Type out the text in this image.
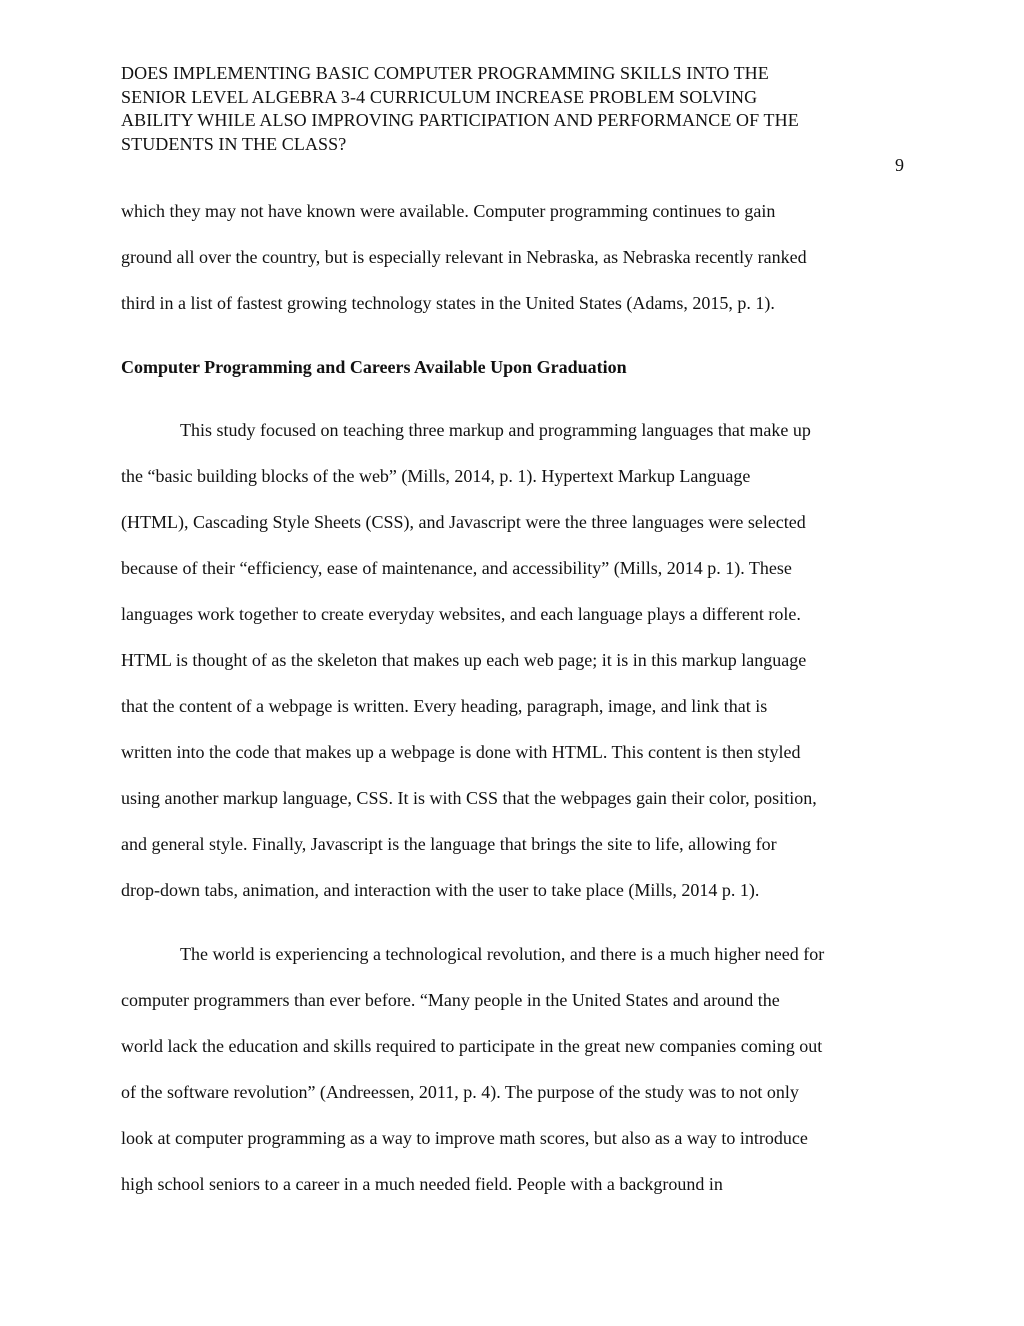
DOES IMPLEMENTING BASIC COMPUTER PROGRAMMING SKILLS INTO THE
SENIOR LEVEL ALGEBRA 3-4 CURRICULUM INCREASE PROBLEM SOLVING
ABILITY WHILE ALSO IMPROVING PARTICIPATION AND PERFORMANCE OF THE
STUDENTS IN THE CLASS?
9
which they may not have known were available. Computer programming continues to gain
ground all over the country, but is especially relevant in Nebraska, as Nebraska recently ranked
third in a list of fastest growing technology states in the United States (Adams, 2015, p. 1).
Computer Programming and Careers Available Upon Graduation
This study focused on teaching three markup and programming languages that make up
the “basic building blocks of the web” (Mills, 2014, p. 1). Hypertext Markup Language
(HTML), Cascading Style Sheets (CSS), and Javascript were the three languages were selected
because of their “efficiency, ease of maintenance, and accessibility” (Mills, 2014 p. 1). These
languages work together to create everyday websites, and each language plays a different role.
HTML is thought of as the skeleton that makes up each web page; it is in this markup language
that the content of a webpage is written. Every heading, paragraph, image, and link that is
written into the code that makes up a webpage is done with HTML. This content is then styled
using another markup language, CSS. It is with CSS that the webpages gain their color, position,
and general style. Finally, Javascript is the language that brings the site to life, allowing for
drop-down tabs, animation, and interaction with the user to take place (Mills, 2014 p. 1).
The world is experiencing a technological revolution, and there is a much higher need for
computer programmers than ever before. “Many people in the United States and around the
world lack the education and skills required to participate in the great new companies coming out
of the software revolution” (Andreessen, 2011, p. 4). The purpose of the study was to not only
look at computer programming as a way to improve math scores, but also as a way to introduce
high school seniors to a career in a much needed field. People with a background in
